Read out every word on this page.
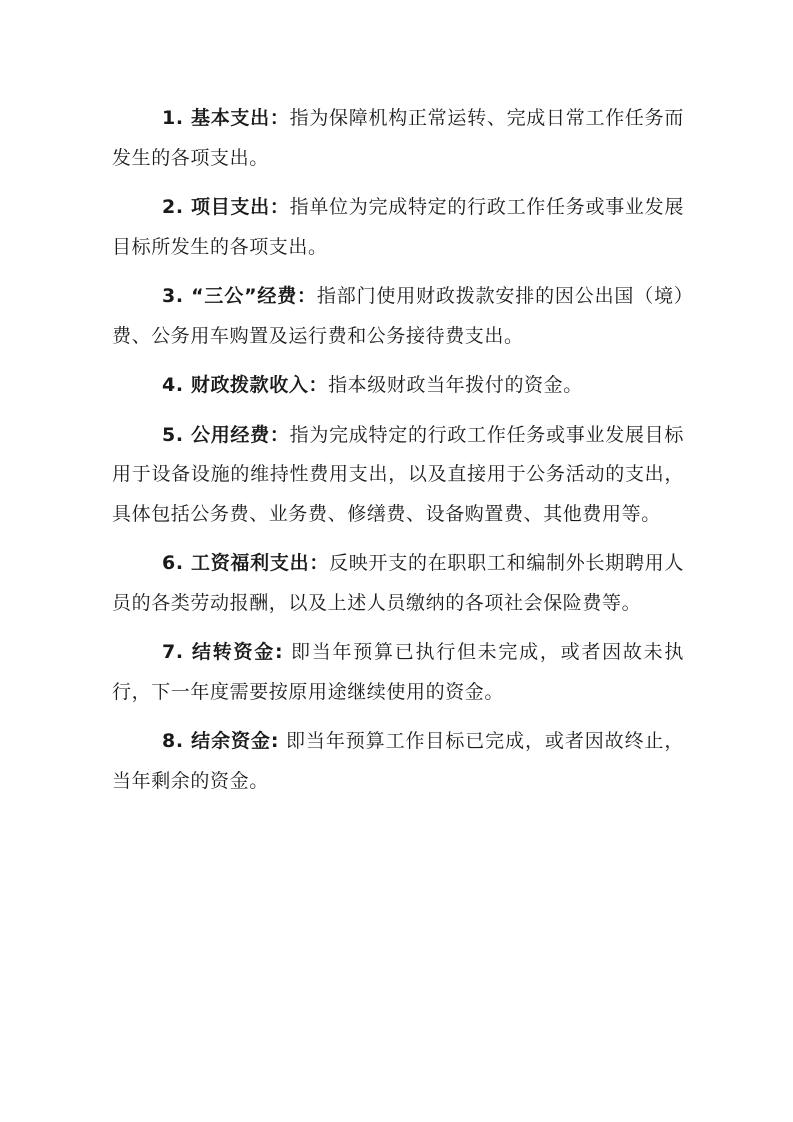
1. 基本支出：指为保障机构正常运转、完成日常工作任务而发生的各项支出。

2. 项目支出：指单位为完成特定的行政工作任务或事业发展目标所发生的各项支出。

3. “三公”经费：指部门使用财政拨款安排的因公出国（境）费、公务用车购置及运行费和公务接待费支出。

4. 财政拨款收入：指本级财政当年拨付的资金。

5. 公用经费：指为完成特定的行政工作任务或事业发展目标用于设备设施的维持性费用支出，以及直接用于公务活动的支出，具体包括公务费、业务费、修缮费、设备购置费、其他费用等。

6. 工资福利支出：反映开支的在职职工和编制外长期聘用人员的各类劳动报酬，以及上述人员缴纳的各项社会保险费等。

7. 结转资金: 即当年预算已执行但未完成，或者因故未执行，下一年度需要按原用途继续使用的资金。

8. 结余资金: 即当年预算工作目标已完成，或者因故终止，当年剩余的资金。
